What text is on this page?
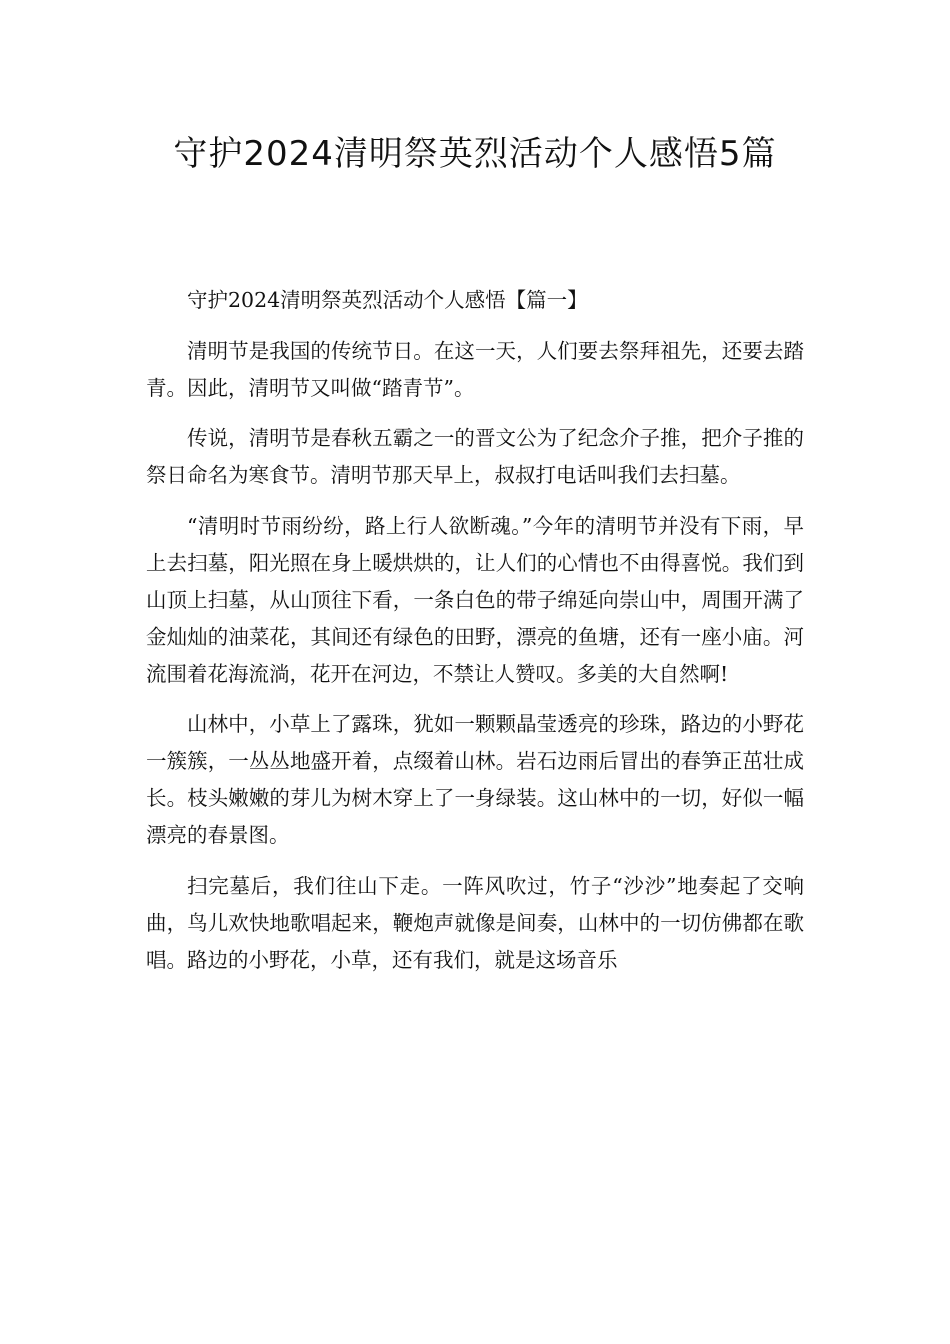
守护2024清明祭英烈活动个人感悟5篇

守护2024清明祭英烈活动个人感悟【篇一】

清明节是我国的传统节日。在这一天，人们要去祭拜祖先，还要去踏青。因此，清明节又叫做“踏青节”。

传说，清明节是春秋五霸之一的晋文公为了纪念介子推，把介子推的祭日命名为寒食节。清明节那天早上，叔叔打电话叫我们去扫墓。

“清明时节雨纷纷，路上行人欲断魂。”今年的清明节并没有下雨，早上去扫墓，阳光照在身上暖烘烘的，让人们的心情也不由得喜悦。我们到山顶上扫墓，从山顶往下看，一条白色的带子绵延向崇山中，周围开满了金灿灿的油菜花，其间还有绿色的田野，漂亮的鱼塘，还有一座小庙。河流围着花海流淌，花开在河边，不禁让人赞叹。多美的大自然啊!

山林中，小草上了露珠，犹如一颗颗晶莹透亮的珍珠，路边的小野花一簇簇，一丛丛地盛开着，点缀着山林。岩石边雨后冒出的春笋正茁壮成长。枝头嫩嫩的芽儿为树木穿上了一身绿装。这山林中的一切，好似一幅漂亮的春景图。

扫完墓后，我们往山下走。一阵风吹过，竹子“沙沙”地奏起了交响曲，鸟儿欢快地歌唱起来，鞭炮声就像是间奏，山林中的一切仿佛都在歌唱。路边的小野花，小草，还有我们，就是这场音乐
